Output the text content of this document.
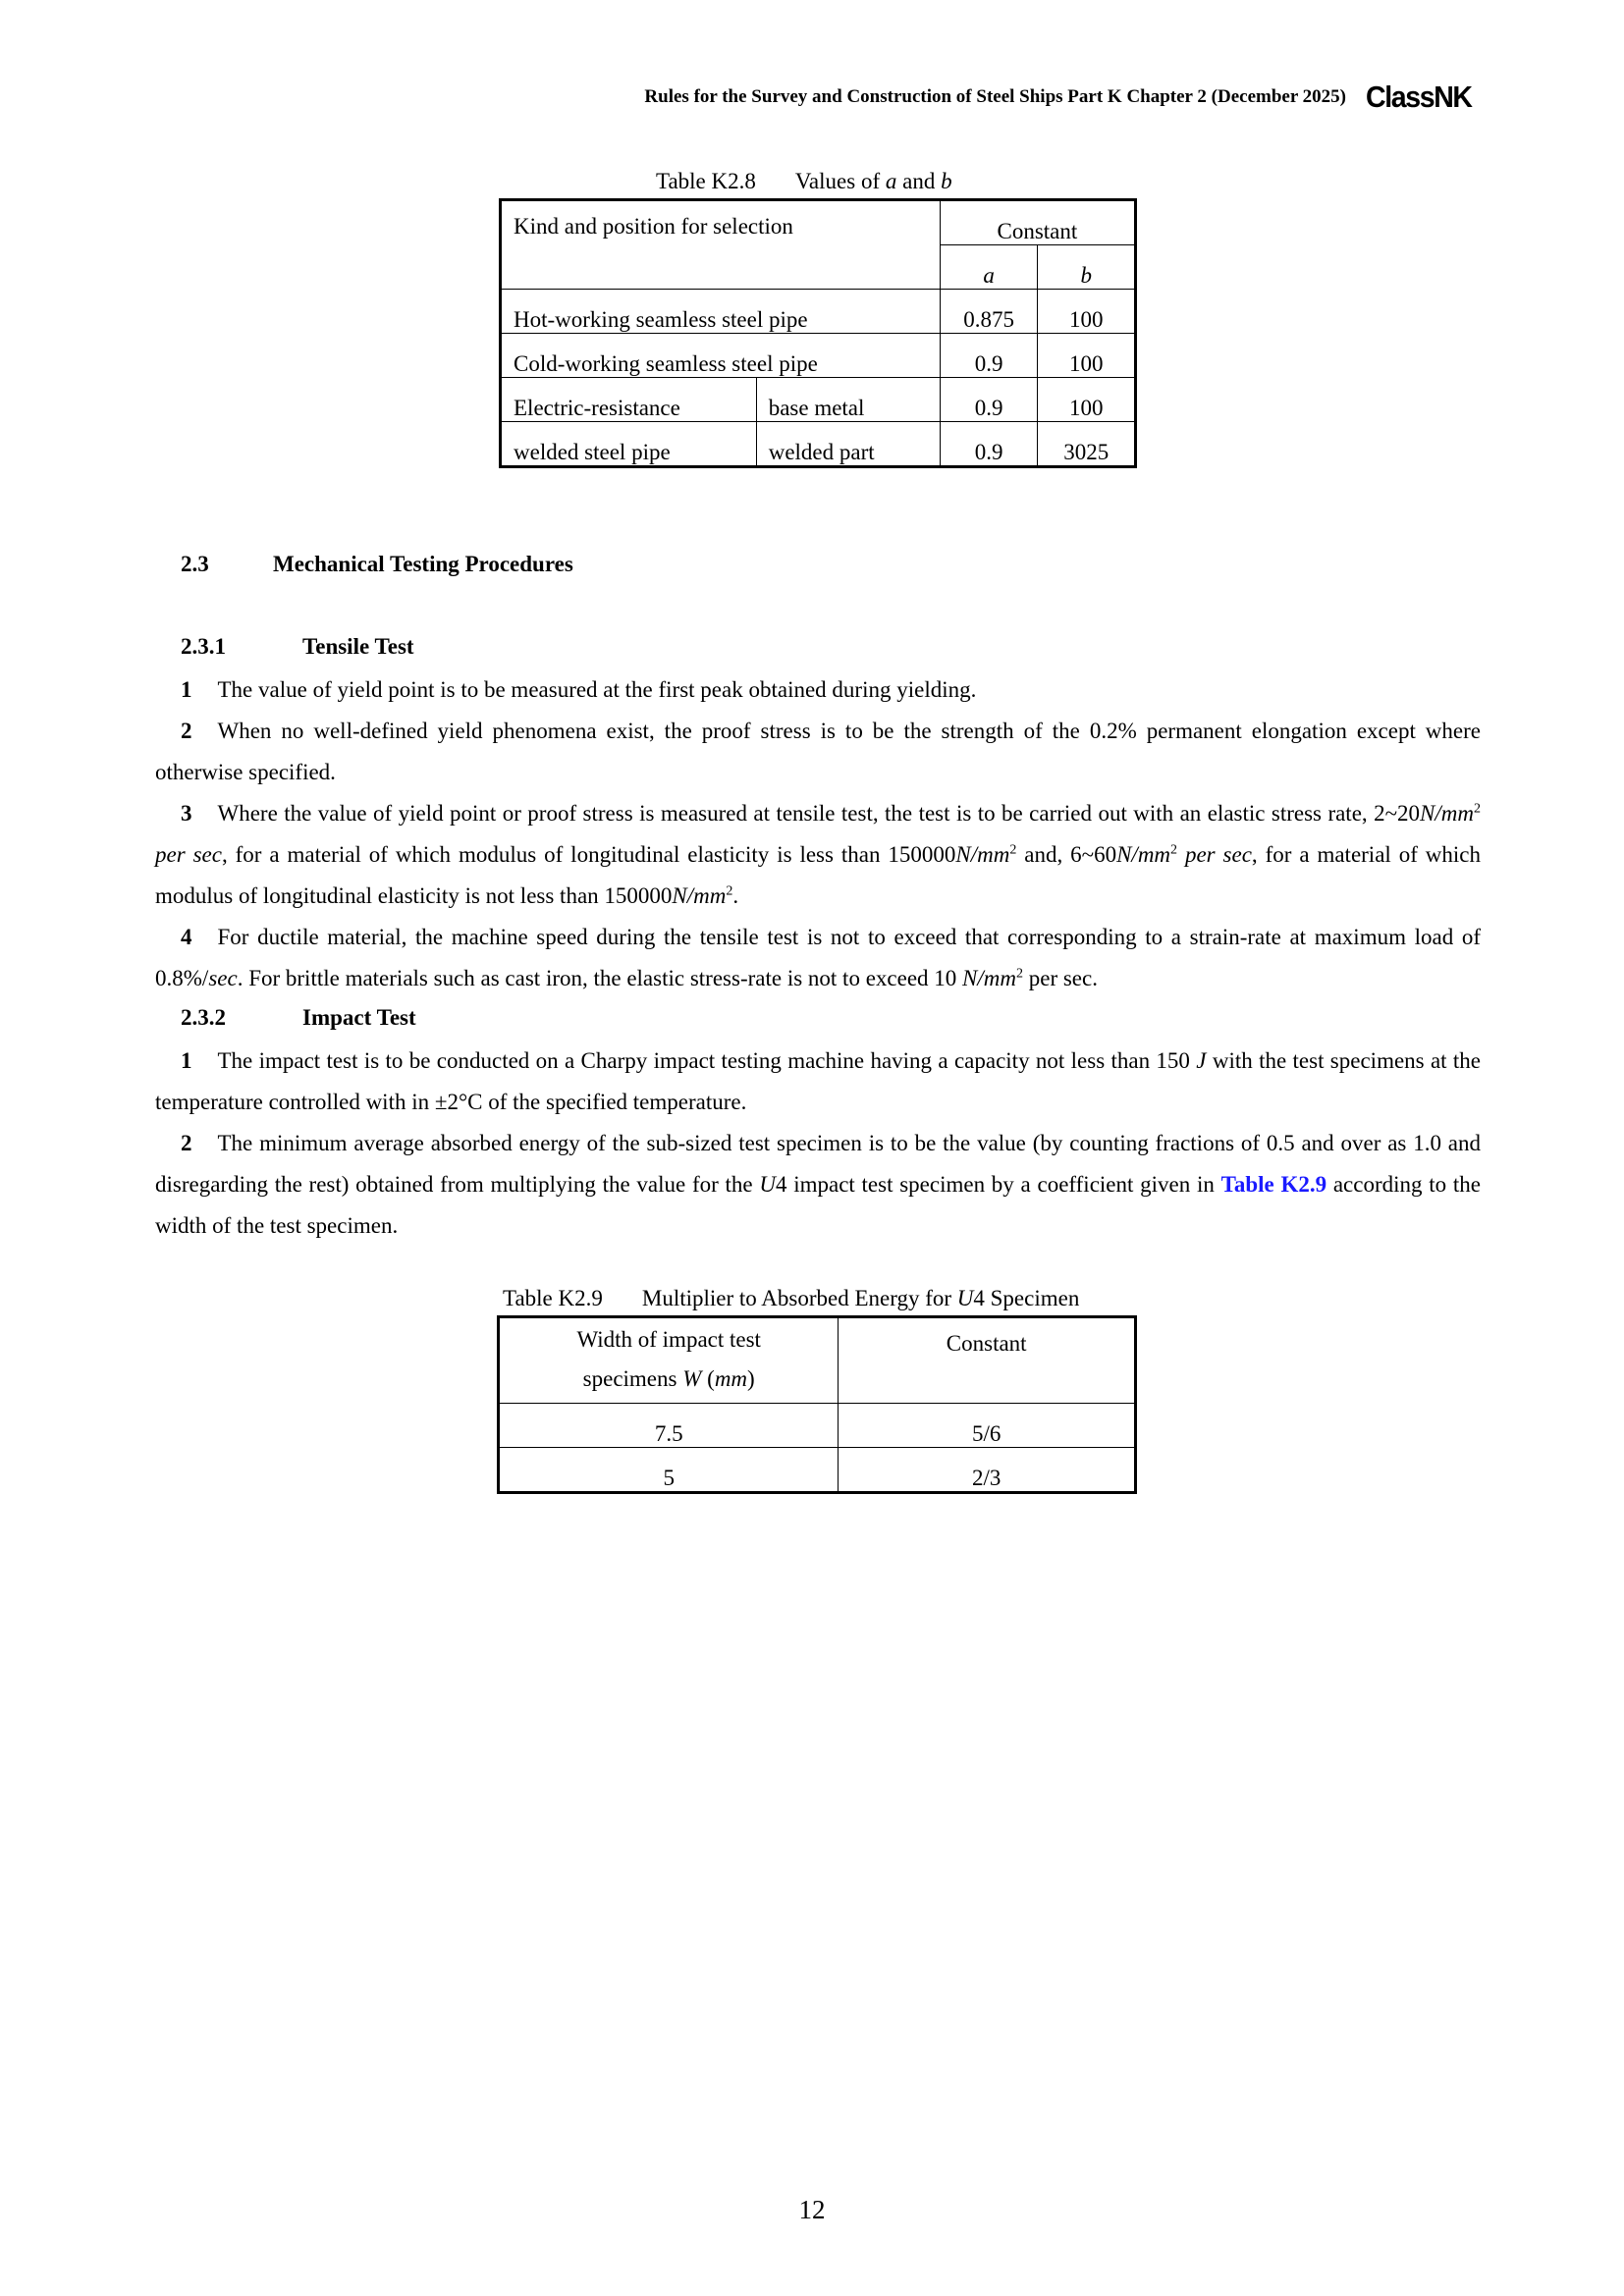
Rules for the Survey and Construction of Steel Ships Part K Chapter 2 (December 2025) ClassNK
Table K2.8 Values of a and b
Kind and position for selection		Constant	
		a	b
Hot-working seamless steel pipe		0.875	100
Cold-working seamless steel pipe		0.9	100
Electric-resistance	base metal	0.9	100
welded steel pipe	welded part	0.9	3025
2.3	Mechanical Testing Procedures
2.3.1	Tensile Test
1 The value of yield point is to be measured at the first peak obtained during yielding.
2 When no well-defined yield phenomena exist, the proof stress is to be the strength of the 0.2% permanent elongation except where otherwise specified.
3 Where the value of yield point or proof stress is measured at tensile test, the test is to be carried out with an elastic stress rate, $2\sim 20N/mm^2$ per sec, for a material of which modulus of longitudinal elasticity is less than $150000N/mm^2$ and, $6\sim 60N/mm^2$ per sec, for a material of which modulus of longitudinal elasticity is not less than $150000N/mm^2$.
4 For ductile material, the machine speed during the tensile test is not to exceed that corresponding to a strain-rate at maximum load of 0.8%/sec. For brittle materials such as cast iron, the elastic stress-rate is not to exceed 10 $N/mm^2$ per sec.
2.3.2	Impact Test
1 The impact test is to be conducted on a Charpy impact testing machine having a capacity not less than 150 J with the test specimens at the temperature controlled with in ±2°C of the specified temperature.
2 The minimum average absorbed energy of the sub-sized test specimen is to be the value (by counting fractions of 0.5 and over as 1.0 and disregarding the rest) obtained from multiplying the value for the U4 impact test specimen by a coefficient given in Table K2.9 according to the width of the test specimen.
Table K2.9 Multiplier to Absorbed Energy for U4 Specimen
Width of impact test
specimens W (mm)	Constant
7.5	5/6
5	2/3
12
